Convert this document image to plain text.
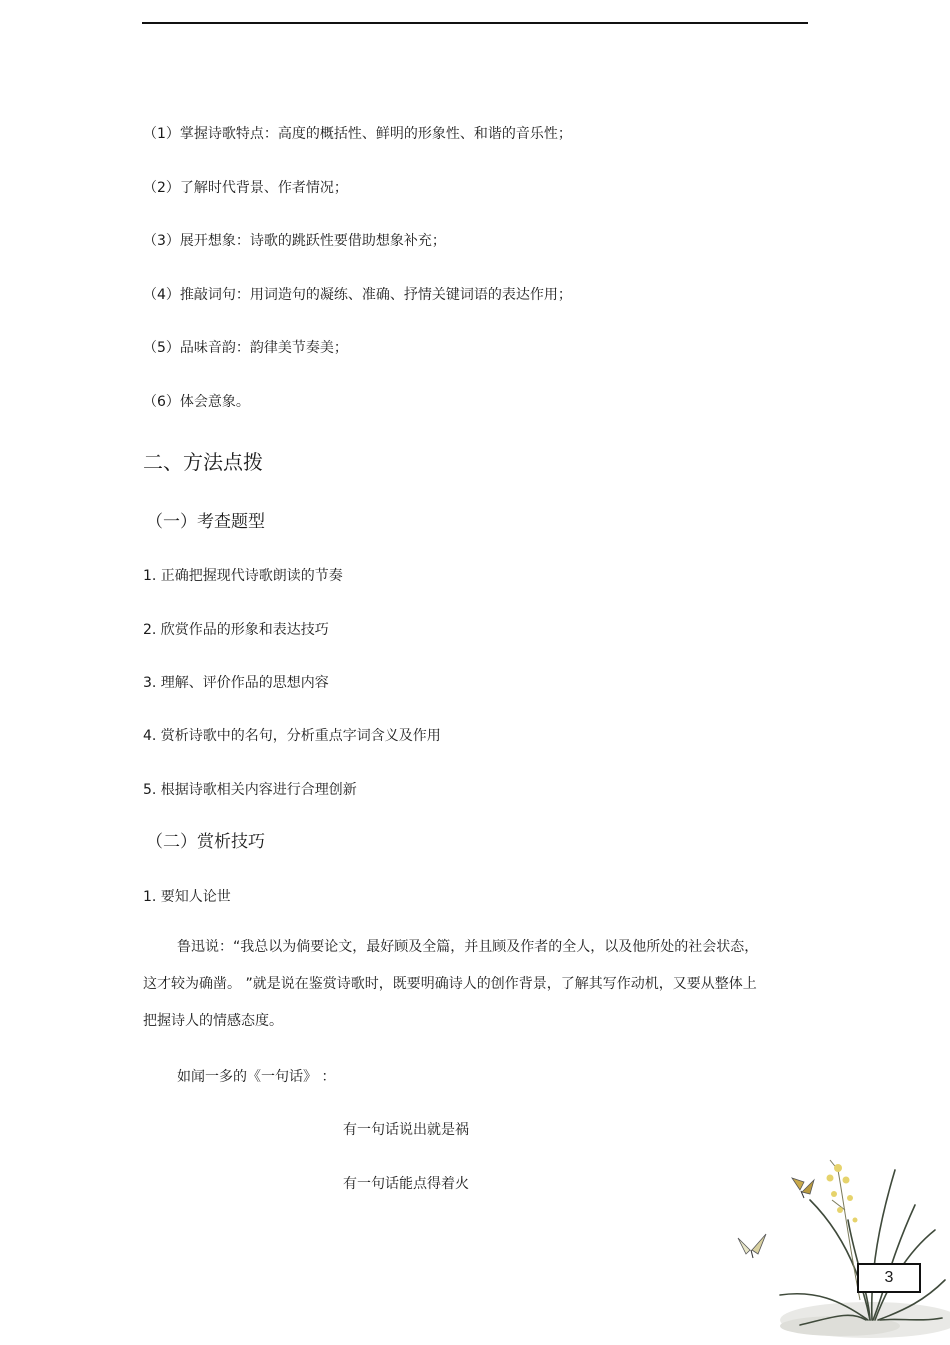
（1）掌握诗歌特点：高度的概括性、鲜明的形象性、和谐的音乐性；
（2）了解时代背景、作者情况；
（3）展开想象：诗歌的跳跃性要借助想象补充；
（4）推敲词句：用词造句的凝练、准确、抒情关键词语的表达作用；
（5）品味音韵：韵律美节奏美；
（6）体会意象。
二、方法点拨
（一）考查题型
1. 正确把握现代诗歌朗读的节奏
2. 欣赏作品的形象和表达技巧
3. 理解、评价作品的思想内容
4. 赏析诗歌中的名句，分析重点字词含义及作用
5. 根据诗歌相关内容进行合理创新
（二）赏析技巧
1. 要知人论世
鲁迅说：“我总以为倘要论文，最好顾及全篇，并且顾及作者的全人，以及他所处的社会状态，这才较为确凿。 ”就是说在鉴赏诗歌时，既要明确诗人的创作背景，了解其写作动机，又要从整体上把握诗人的情感态度。
如闻一多的《一句话》 ：
有一句话说出就是祸
有一句话能点得着火
3
